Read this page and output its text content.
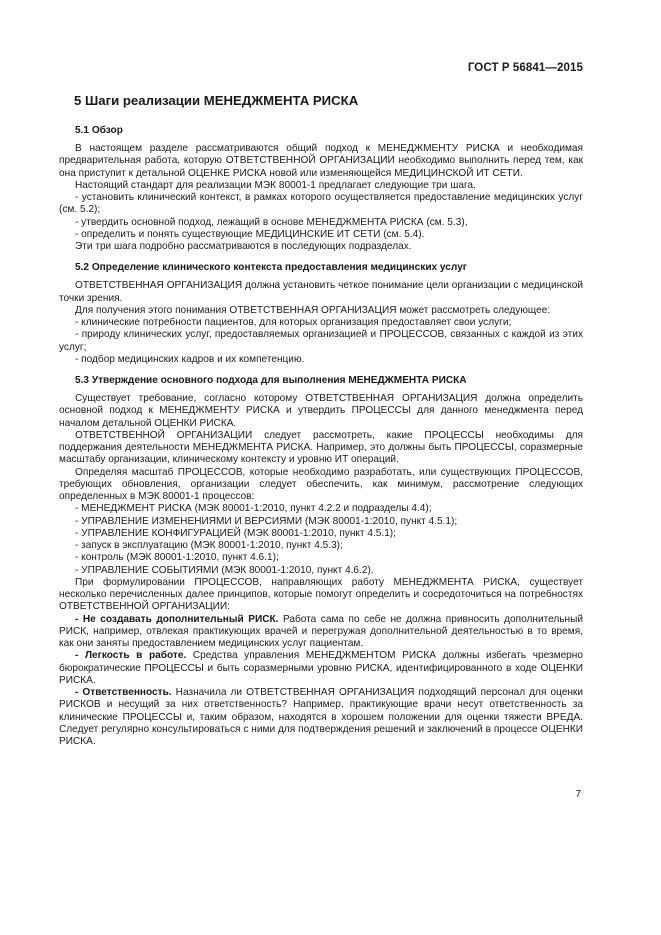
ГОСТ Р 56841—2015
5 Шаги реализации МЕНЕДЖМЕНТА РИСКА
5.1 Обзор

В настоящем разделе рассматриваются общий подход к МЕНЕДЖМЕНТУ РИСКА и необходимая предварительная работа, которую ОТВЕТСТВЕННОЙ ОРГАНИЗАЦИИ необходимо выполнить перед тем, как она приступит к детальной ОЦЕНКЕ РИСКА новой или изменяющейся МЕДИЦИНСКОЙ ИТ СЕТИ.

Настоящий стандарт для реализации МЭК 80001-1 предлагает следующие три шага.

- установить клинический контекст, в рамках которого осуществляется предоставление медицинских услуг (см. 5.2);

- утвердить основной подход, лежащий в основе МЕНЕДЖМЕНТА РИСКА (см. 5.3),

- определить и понять существующие МЕДИЦИНСКИЕ ИТ СЕТИ (см. 5.4).

Эти три шага подробно рассматриваются в последующих подразделах.

5.2 Определение клинического контекста предоставления медицинских услуг

ОТВЕТСТВЕННАЯ ОРГАНИЗАЦИЯ должна установить четкое понимание цели организации с медицинской точки зрения.

Для получения этого понимания ОТВЕТСТВЕННАЯ ОРГАНИЗАЦИЯ может рассмотреть следующее:

- клинические потребности пациентов, для которых организация предоставляет свои услуги;

- природу клинических услуг, предоставляемых организацией и ПРОЦЕССОВ, связанных с каждой из этих услуг;

- подбор медицинских кадров и их компетенцию.

5.3 Утверждение основного подхода для выполнения МЕНЕДЖМЕНТА РИСКА

Существует требование, согласно которому ОТВЕТСТВЕННАЯ ОРГАНИЗАЦИЯ должна определить основной подход к МЕНЕДЖМЕНТУ РИСКА и утвердить ПРОЦЕССЫ для данного менеджмента перед началом детальной ОЦЕНКИ РИСКА.

ОТВЕТСТВЕННОЙ ОРГАНИЗАЦИИ следует рассмотреть, какие ПРОЦЕССЫ необходимы для поддержания деятельности МЕНЕДЖМЕНТА РИСКА. Например, это должны быть ПРОЦЕССЫ, соразмерные масштабу организации, клиническому контексту и уровню ИТ операций.

Определяя масштаб ПРОЦЕССОВ, которые необходимо разработать, или существующих ПРОЦЕССОВ, требующих обновления, организации следует обеспечить, как минимум, рассмотрение следующих определенных в МЭК 80001-1 процессов:

- МЕНЕДЖМЕНТ РИСКА (МЭК 80001-1:2010, пункт 4.2.2 и подразделы 4.4);

- УПРАВЛЕНИЕ ИЗМЕНЕНИЯМИ И ВЕРСИЯМИ (МЭК 80001-1:2010, пункт 4.5.1);

- УПРАВЛЕНИЕ КОНФИГУРАЦИЕЙ (МЭК 80001-1:2010, пункт 4.5.1);

- запуск в эксплуатацию (МЭК 80001-1:2010, пункт 4.5.3);

- контроль (МЭК 80001-1:2010, пункт 4.6.1);

- УПРАВЛЕНИЕ СОБЫТИЯМИ (МЭК 80001-1:2010, пункт 4.6.2).

При формулировании ПРОЦЕССОВ, направляющих работу МЕНЕДЖМЕНТА РИСКА, существует несколько перечисленных далее принципов, которые помогут определить и сосредоточиться на потребностях ОТВЕТСТВЕННОЙ ОРГАНИЗАЦИИ:

- Не создавать дополнительный РИСК. Работа сама по себе не должна привносить дополнительный РИСК, например, отвлекая практикующих врачей и перегружая дополнительной деятельностью в то время, как они заняты предоставлением медицинских услуг пациентам.

- Легкость в работе. Средства управления МЕНЕДЖМЕНТОМ РИСКА должны избегать чрезмерно бюрократические ПРОЦЕССЫ и быть соразмерными уровню РИСКА, идентифицированного в ходе ОЦЕНКИ РИСКА.

- Ответственность. Назначила ли ОТВЕТСТВЕННАЯ ОРГАНИЗАЦИЯ подходящий персонал для оценки РИСКОВ и несущий за них ответственность? Например, практикующие врачи несут ответственность за клинические ПРОЦЕССЫ и, таким образом, находятся в хорошем положении для оценки тяжести ВРЕДА. Следует регулярно консультироваться с ними для подтверждения решений и заключений в процессе ОЦЕНКИ РИСКА.

7
